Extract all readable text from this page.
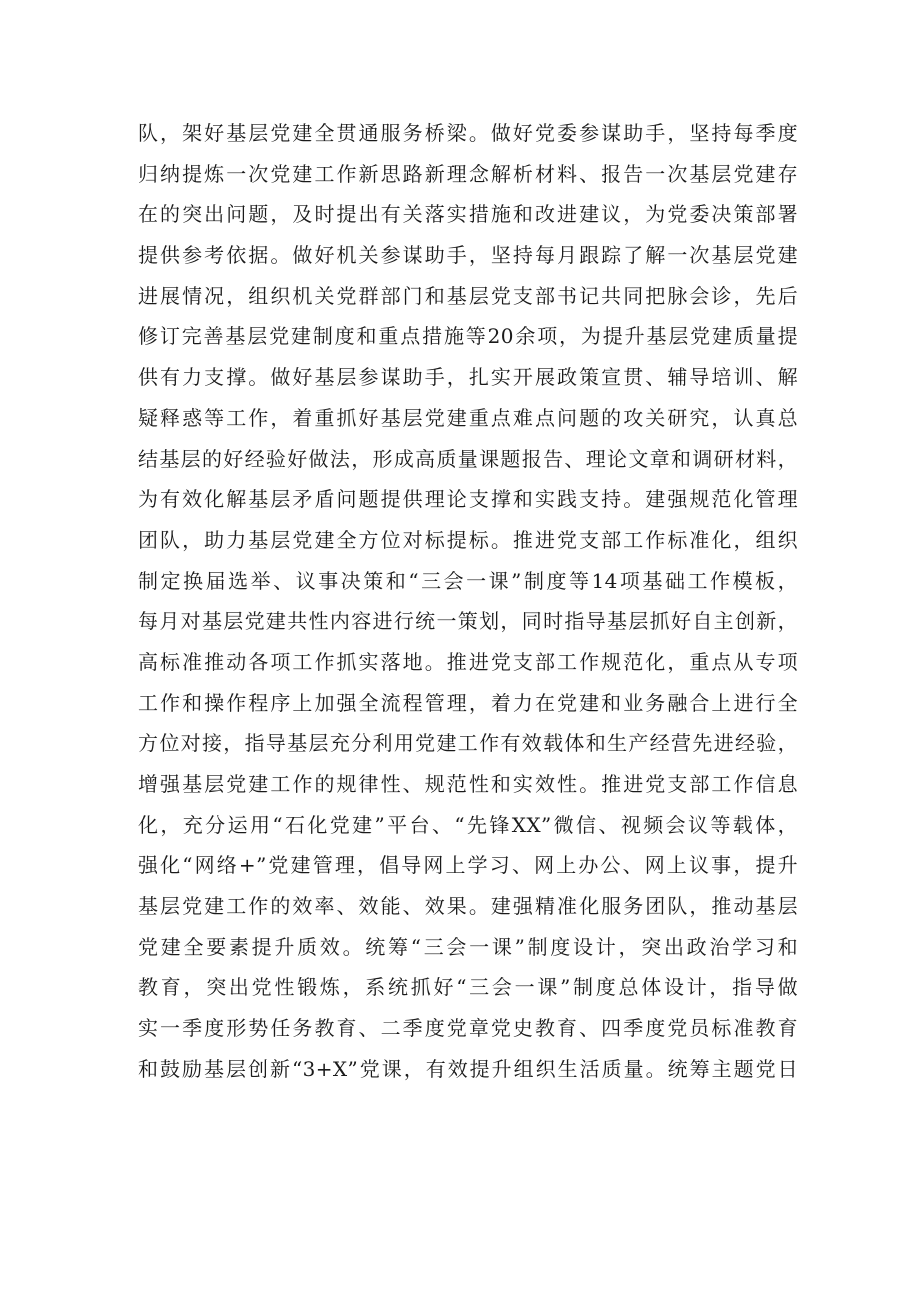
队，架好基层党建全贯通服务桥梁。做好党委参谋助手，坚持每季度
归纳提炼一次党建工作新思路新理念解析材料、报告一次基层党建存
在的突出问题，及时提出有关落实措施和改进建议，为党委决策部署
提供参考依据。做好机关参谋助手，坚持每月跟踪了解一次基层党建
进展情况，组织机关党群部门和基层党支部书记共同把脉会诊，先后
修订完善基层党建制度和重点措施等20余项，为提升基层党建质量提
供有力支撑。做好基层参谋助手，扎实开展政策宣贯、辅导培训、解
疑释惑等工作，着重抓好基层党建重点难点问题的攻关研究，认真总
结基层的好经验好做法，形成高质量课题报告、理论文章和调研材料，
为有效化解基层矛盾问题提供理论支撑和实践支持。建强规范化管理
团队，助力基层党建全方位对标提标。推进党支部工作标准化，组织
制定换届选举、议事决策和“三会一课”制度等14项基础工作模板，
每月对基层党建共性内容进行统一策划，同时指导基层抓好自主创新，
高标准推动各项工作抓实落地。推进党支部工作规范化，重点从专项
工作和操作程序上加强全流程管理，着力在党建和业务融合上进行全
方位对接，指导基层充分利用党建工作有效载体和生产经营先进经验，
增强基层党建工作的规律性、规范性和实效性。推进党支部工作信息
化，充分运用“石化党建”平台、“先锋XX”微信、视频会议等载体，
强化“网络+”党建管理，倡导网上学习、网上办公、网上议事，提升
基层党建工作的效率、效能、效果。建强精准化服务团队，推动基层
党建全要素提升质效。统筹“三会一课”制度设计，突出政治学习和
教育，突出党性锻炼，系统抓好“三会一课”制度总体设计，指导做
实一季度形势任务教育、二季度党章党史教育、四季度党员标准教育
和鼓励基层创新“3+X”党课，有效提升组织生活质量。统筹主题党日
